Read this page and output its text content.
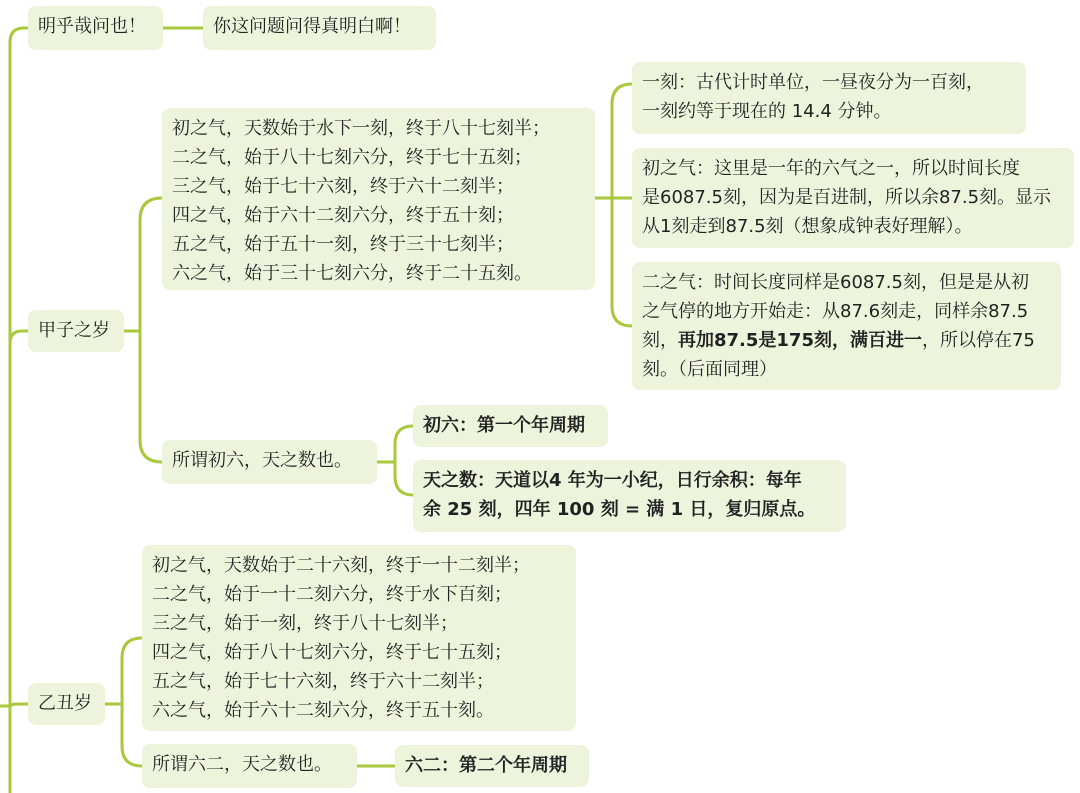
明乎哉问也！	你这问题问得真明白啊！
甲子之岁
初之气，天数始于水下一刻，终于八十七刻半；
二之气，始于八十七刻六分，终于七十五刻；
三之气，始于七十六刻，终于六十二刻半；
四之气，始于六十二刻六分，终于五十刻；
五之气，始于五十一刻，终于三十七刻半；
六之气，始于三十七刻六分，终于二十五刻。
一刻：古代计时单位，一昼夜分为一百刻，
一刻约等于现在的 14.4 分钟。
初之气：这里是一年的六气之一，所以时间长度
是6087.5刻，因为是百进制，所以余87.5刻。显示
从1刻走到87.5刻（想象成钟表好理解）。
二之气：时间长度同样是6087.5刻，但是是从初
之气停的地方开始走：从87.6刻走，同样余87.5
刻，再加87.5是175刻，满百进一，所以停在75
刻。（后面同理）
所谓初六，天之数也。
初六：第一个年周期
天之数：天道以4 年为一小纪，日行余积：每年
余 25 刻，四年 100 刻 = 满 1 日，复归原点。
乙丑岁
初之气，天数始于二十六刻，终于一十二刻半；
二之气，始于一十二刻六分，终于水下百刻；
三之气，始于一刻，终于八十七刻半；
四之气，始于八十七刻六分，终于七十五刻；
五之气，始于七十六刻，终于六十二刻半；
六之气，始于六十二刻六分，终于五十刻。
所谓六二，天之数也。	六二：第二个年周期
